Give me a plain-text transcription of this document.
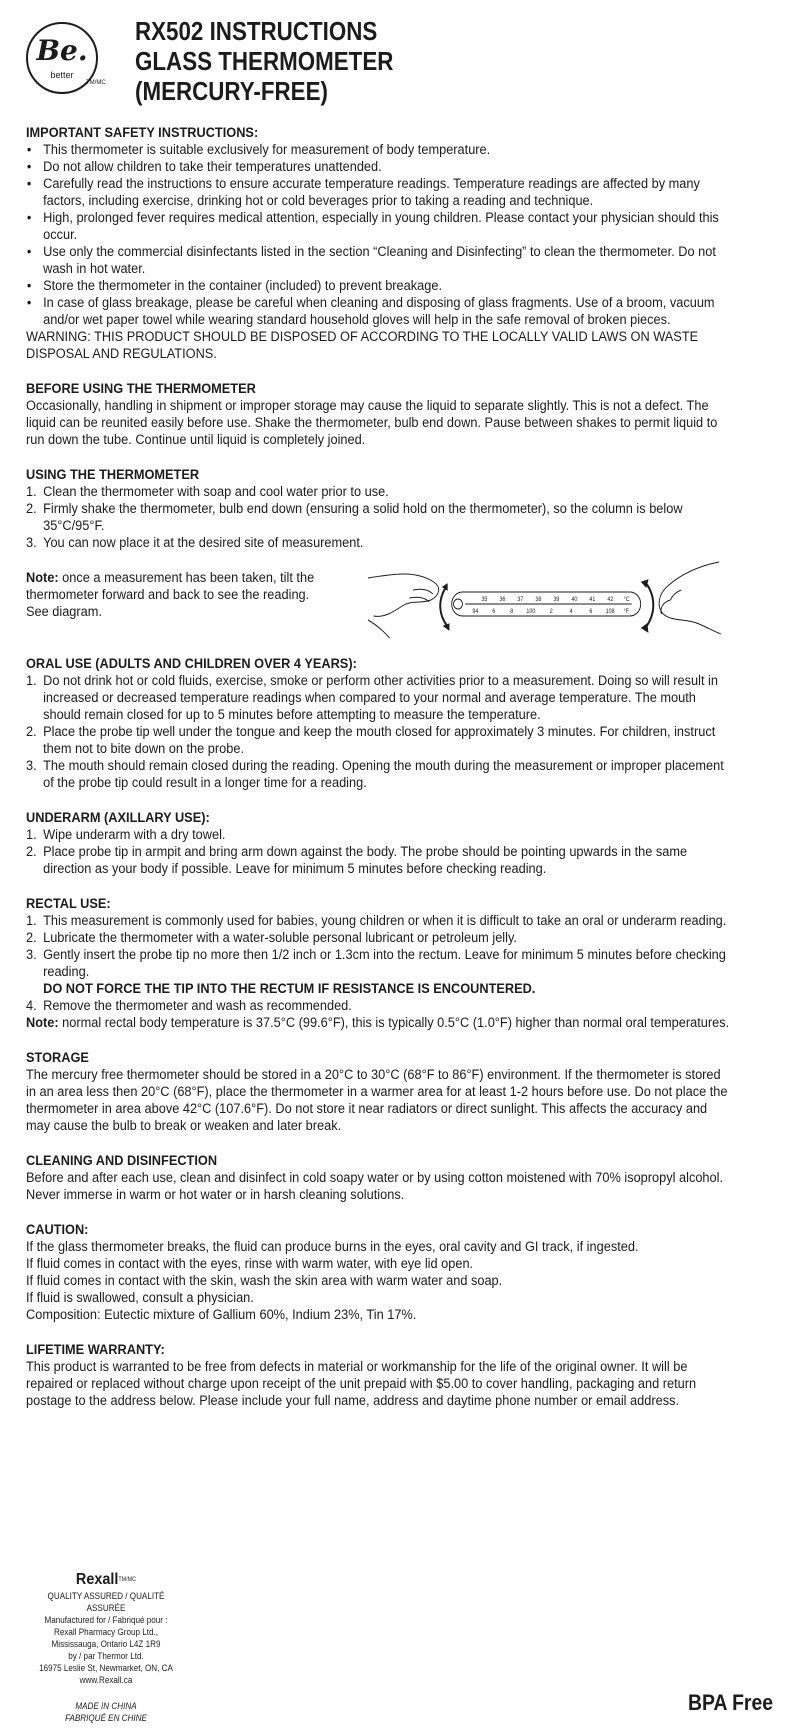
Be.
better
TM/MC
RX502 INSTRUCTIONS
GLASS THERMOMETER
(MERCURY-FREE)
IMPORTANT SAFETY INSTRUCTIONS:
• This thermometer is suitable exclusively for measurement of body temperature.
• Do not allow children to take their temperatures unattended.
• Carefully read the instructions to ensure accurate temperature readings. Temperature readings are affected by many factors, including exercise, drinking hot or cold beverages prior to taking a reading and technique.
• High, prolonged fever requires medical attention, especially in young children. Please contact your physician should this occur.
• Use only the commercial disinfectants listed in the section “Cleaning and Disinfecting” to clean the thermometer. Do not wash in hot water.
• Store the thermometer in the container (included) to prevent breakage.
• In case of glass breakage, please be careful when cleaning and disposing of glass fragments. Use of a broom, vacuum and/or wet paper towel while wearing standard household gloves will help in the safe removal of broken pieces.

WARNING: THIS PRODUCT SHOULD BE DISPOSED OF ACCORDING TO THE LOCALLY VALID LAWS ON WASTE DISPOSAL AND REGULATIONS.

BEFORE USING THE THERMOMETER

Occasionally, handling in shipment or improper storage may cause the liquid to separate slightly. This is not a defect. The liquid can be reunited easily before use. Shake the thermometer, bulb end down. Pause between shakes to permit liquid to run down the tube. Continue until liquid is completely joined.

USING THE THERMOMETER
1. Clean the thermometer with soap and cool water prior to use.
2. Firmly shake the thermometer, bulb end down (ensuring a solid hold on the thermometer), so the column is below 35°C/95°F.
3. You can now place it at the desired site of measurement.

Note: once a measurement has been taken, tilt the thermometer forward and back to see the reading. See diagram.

35 36 37 38 39 40 41 42 °C
94 6 8 100 2	4	6 108 °F
ORAL USE (ADULTS AND CHILDREN OVER 4 YEARS):
1. Do not drink hot or cold fluids, exercise, smoke or perform other activities prior to a measurement. Doing so will result in increased or decreased temperature readings when compared to your normal and average temperature. The mouth should remain closed for up to 5 minutes before attempting to measure the temperature.
2. Place the probe tip well under the tongue and keep the mouth closed for approximately 3 minutes. For children, instruct them not to bite down on the probe.
3. The mouth should remain closed during the reading. Opening the mouth during the measurement or improper placement of the probe tip could result in a longer time for a reading.
UNDERARM (AXILLARY USE):
1. Wipe underarm with a dry towel.
2. Place probe tip in armpit and bring arm down against the body. The probe should be pointing upwards in the same direction as your body if possible. Leave for minimum 5 minutes before checking reading.
RECTAL USE:
1. This measurement is commonly used for babies, young children or when it is difficult to take an oral or underarm reading.
2. Lubricate the thermometer with a water-soluble personal lubricant or petroleum jelly.
3. Gently insert the probe tip no more then 1/2 inch or 1.3cm into the rectum. Leave for minimum 5 minutes before checking reading.
DO NOT FORCE THE TIP INTO THE RECTUM IF RESISTANCE IS ENCOUNTERED.
4. Remove the thermometer and wash as recommended.

Note: normal rectal body temperature is 37.5°C (99.6°F), this is typically 0.5°C (1.0°F) higher than normal oral temperatures.

STORAGE

The mercury free thermometer should be stored in a 20°C to 30°C (68°F to 86°F) environment. If the thermometer is stored in an area less then 20°C (68°F), place the thermometer in a warmer area for at least 1-2 hours before use. Do not place the thermometer in area above 42°C (107.6°F). Do not store it near radiators or direct sunlight. This affects the accuracy and may cause the bulb to break or weaken and later break.

CLEANING AND DISINFECTION

Before and after each use, clean and disinfect in cold soapy water or by using cotton moistened with 70% isopropyl alcohol. Never immerse in warm or hot water or in harsh cleaning solutions.

CAUTION:

If the glass thermometer breaks, the fluid can produce burns in the eyes, oral cavity and GI track, if ingested.

If fluid comes in contact with the eyes, rinse with warm water, with eye lid open.

If fluid comes in contact with the skin, wash the skin area with warm water and soap.

If fluid is swallowed, consult a physician.

Composition: Eutectic mixture of Gallium 60%, Indium 23%, Tin 17%.

LIFETIME WARRANTY:

This product is warranted to be free from defects in material or workmanship for the life of the original owner. It will be repaired or replaced without charge upon receipt of the unit prepaid with $5.00 to cover handling, packaging and return postage to the address below. Please include your full name, address and daytime phone number or email address.

Rexall$^{TM/MC}$
QUALITY ASSURED / QUALITÉ ASSURÉE
Manufactured for / Fabriqué pour :
Rexall Pharmacy Group Ltd.,
Mississauga, Ontario L4Z 1R9
by / par Thermor Ltd.
16975 Leslie St, Newmarket, ON, CA
www.Rexall.ca
MADE IN CHINA
FABRIQUÉ EN CHINE
BPA Free
